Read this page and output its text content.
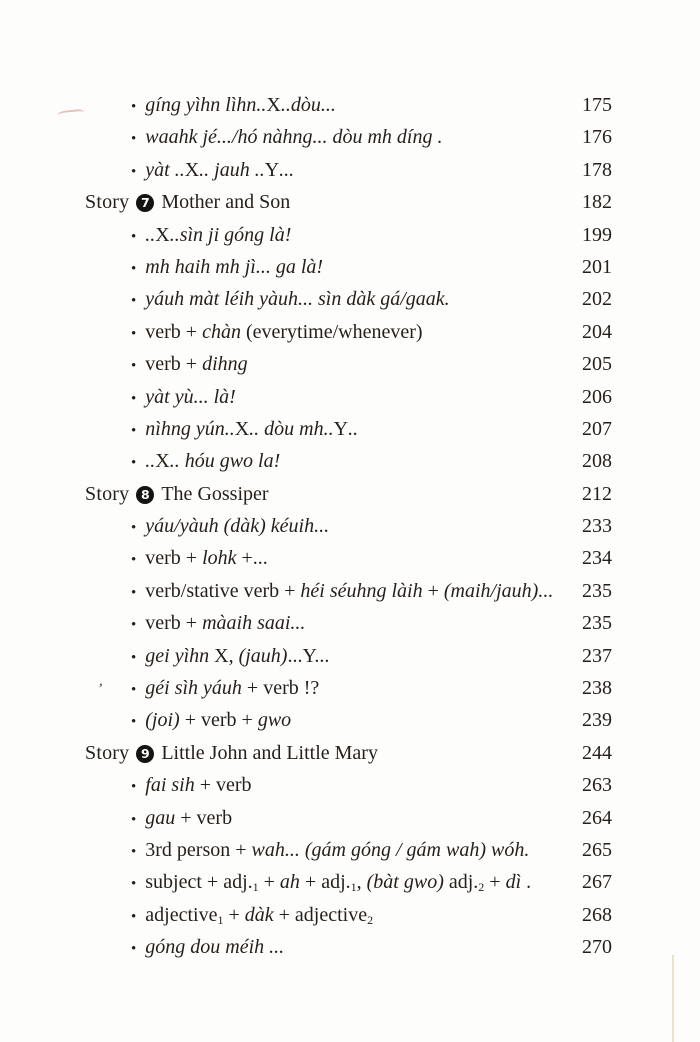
,
• gíng yìhn lìhn..X..dòu...	175
• waahk jé.../hó nàhng... dòu mh díng .	176
• yàt ..X.. jauh ..Y...	178
Story 7 Mother and Son	182
• ..X..sìn ji góng là!	199
• mh haih mh jì... ga là!	201
• yáuh màt léih yàuh... sìn dàk gá/gaak.	202
• verb + chàn (everytime/whenever)	204
• verb + dihng	205
• yàt yù... là!	206
• nìhng yún..X.. dòu mh..Y..	207
• ..X.. hóu gwo la!	208
Story 8 The Gossiper	212
• yáu/yàuh (dàk) kéuih...	233
• verb + lohk +...	234
• verb/stative verb + héi séuhng làih + (maih/jauh)...	235
• verb + màaih saai...	235
• gei yìhn X, (jauh)...Y...	237
• géi sìh yáuh + verb !?	238
• (joi) + verb + gwo	239
Story 9 Little John and Little Mary	244
• fai sih + verb	263
• gau + verb	264
• 3rd person + wah... (gám góng / gám wah) wóh.	265
• subject + adj.1 + ah + adj.1, (bàt gwo) adj.2 + dì .	267
• adjective1 + dàk + adjective2	268
• góng dou méih ...	270
